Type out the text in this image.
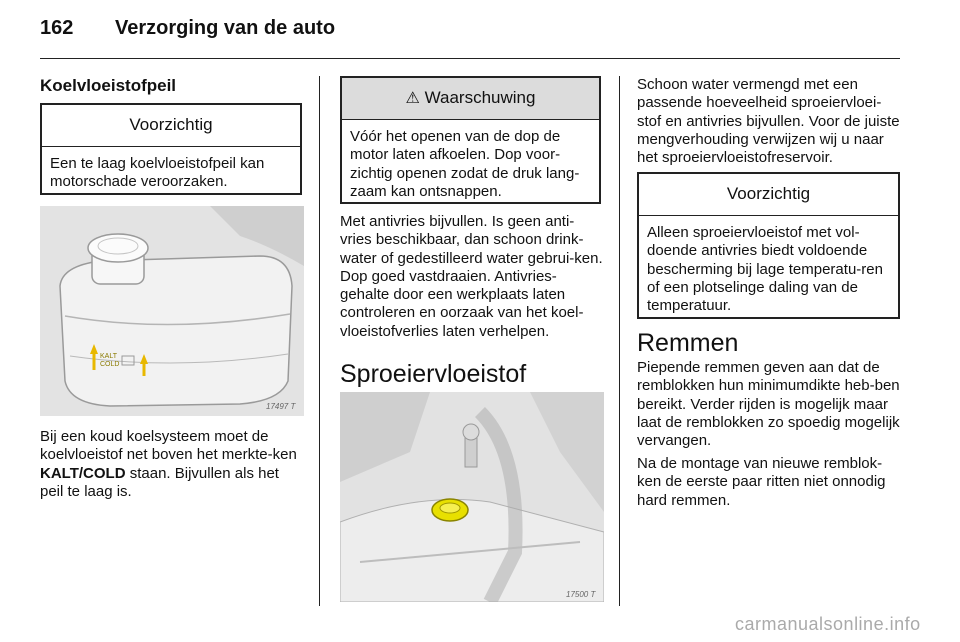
162 Verzorging van de auto
Koelvloeistofpeil
Voorzichtig
Een te laag koelvloeistofpeil kan motorschade veroorzaken.
KALT
COLD
17497 T
Bij een koud koelsysteem moet de koelvloeistof net boven het merkte-ken KALT/COLD staan. Bijvullen als het peil te laag is.
⚠ Waarschuwing
Vóór het openen van de dop de motor laten afkoelen. Dop voor-zichtig openen zodat de druk lang-zaam kan ontsnappen.
Met antivries bijvullen. Is geen anti-vries beschikbaar, dan schoon drink-water of gedestilleerd water gebrui-ken. Dop goed vastdraaien. Antivries-gehalte door een werkplaats laten controleren en oorzaak van het koel-vloeistofverlies laten verhelpen.
Sproeiervloeistof
17500 T
Schoon water vermengd met een passende hoeveelheid sproeiervloei-stof en antivries bijvullen. Voor de juiste mengverhouding verwijzen wij u naar het sproeiervloeistofreservoir.
Voorzichtig
Alleen sproeiervloeistof met vol-doende antivries biedt voldoende bescherming bij lage temperatu-ren of een plotselinge daling van de temperatuur.
Remmen
Piepende remmen geven aan dat de remblokken hun minimumdikte heb-ben bereikt. Verder rijden is mogelijk maar laat de remblokken zo spoedig mogelijk vervangen.
Na de montage van nieuwe remblok-ken de eerste paar ritten niet onnodig hard remmen.
carmanualsonline.info
